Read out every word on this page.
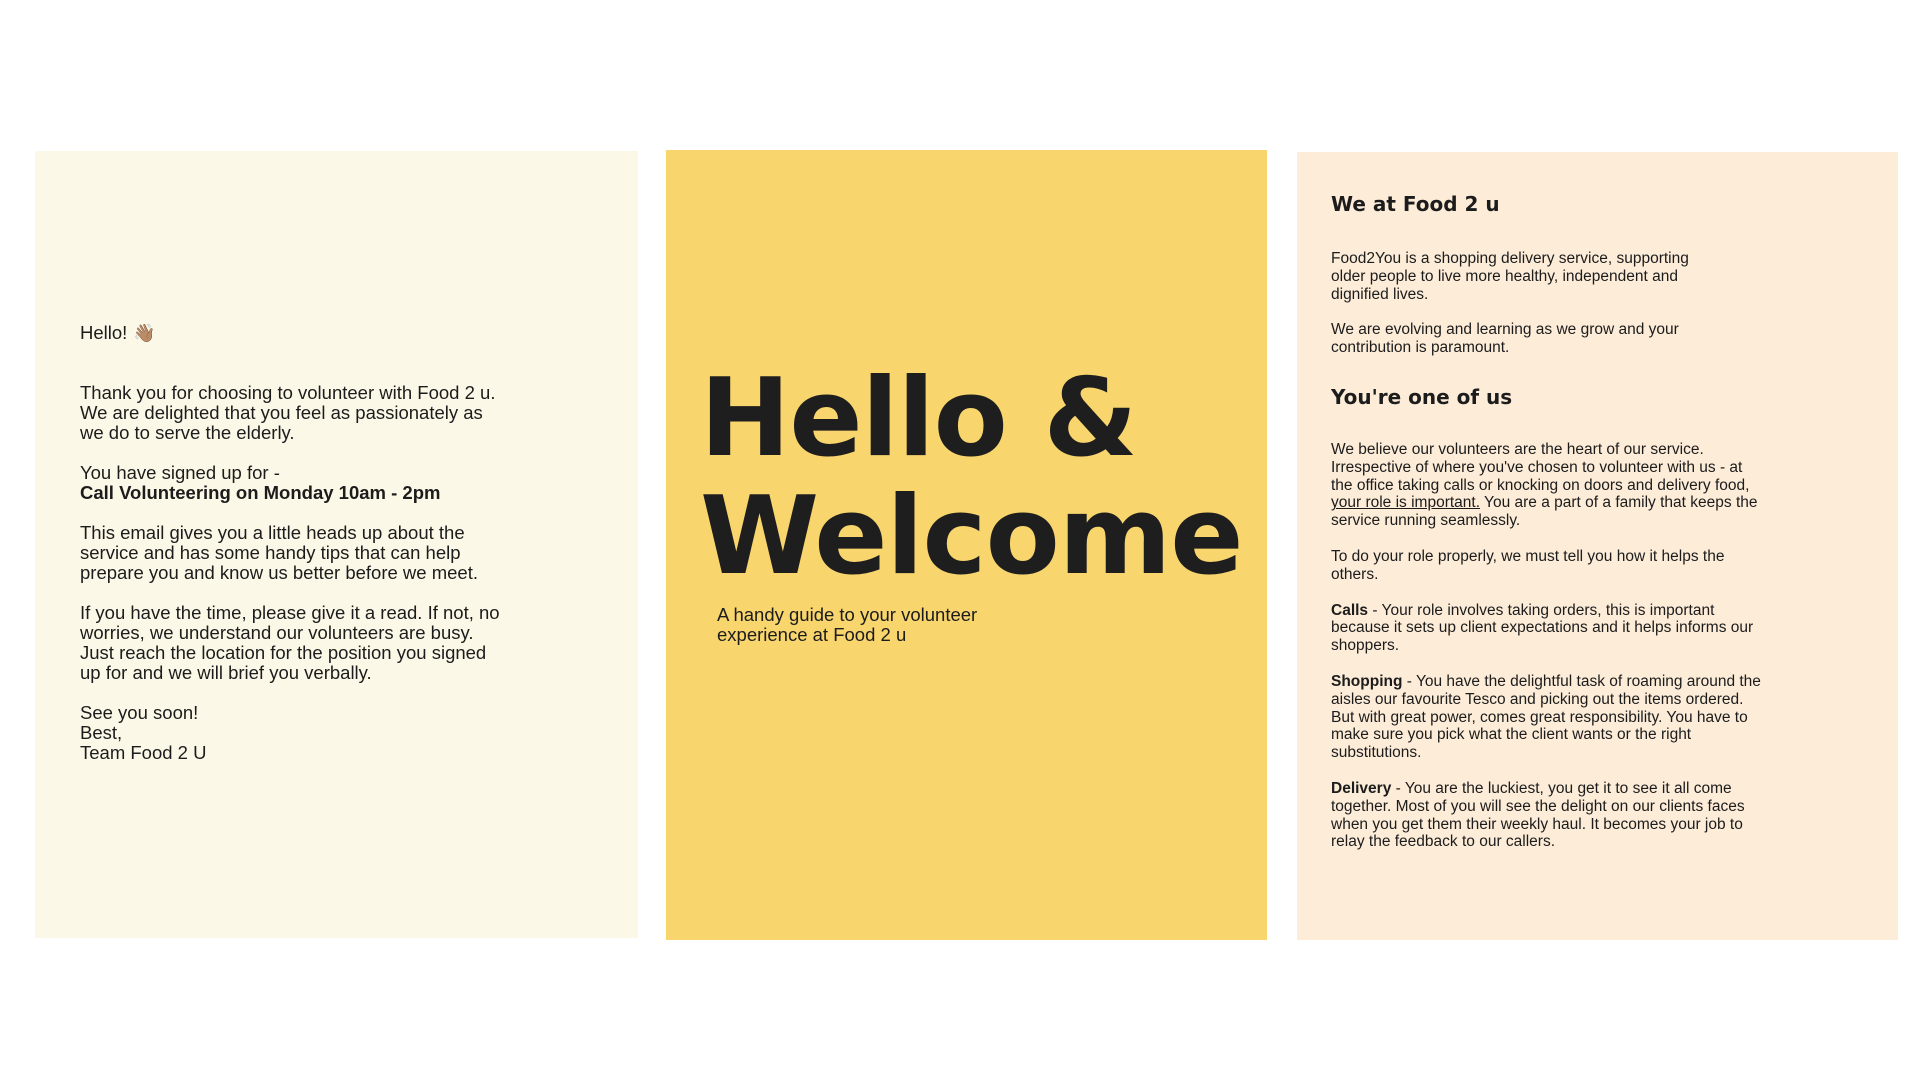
Hello! 👋🏽

Thank you for choosing to volunteer with Food 2 u.
We are delighted that you feel as passionately as
we do to serve the elderly.

You have signed up for -
Call Volunteering on Monday 10am - 2pm

This email gives you a little heads up about the
service and has some handy tips that can help
prepare you and know us better before we meet.

If you have the time, please give it a read. If not, no
worries, we understand our volunteers are busy.
Just reach the location for the position you signed
up for and we will brief you verbally.

See you soon!
Best,
Team Food 2 U

Hello &
Welcome
A handy guide to your volunteer
experience at Food 2 u
We at Food 2 u

Food2You is a shopping delivery service, supporting
older people to live more healthy, independent and
dignified lives.

We are evolving and learning as we grow and your
contribution is paramount.

You're one of us

We believe our volunteers are the heart of our service.
Irrespective of where you've chosen to volunteer with us - at
the office taking calls or knocking on doors and delivery food,
your role is important. You are a part of a family that keeps the
service running seamlessly.

To do your role properly, we must tell you how it helps the
others.

Calls - Your role involves taking orders, this is important
because it sets up client expectations and it helps informs our
shoppers.

Shopping - You have the delightful task of roaming around the
aisles our favourite Tesco and picking out the items ordered.
But with great power, comes great responsibility. You have to
make sure you pick what the client wants or the right
substitutions.

Delivery - You are the luckiest, you get it to see it all come
together. Most of you will see the delight on our clients faces
when you get them their weekly haul. It becomes your job to
relay the feedback to our callers.
